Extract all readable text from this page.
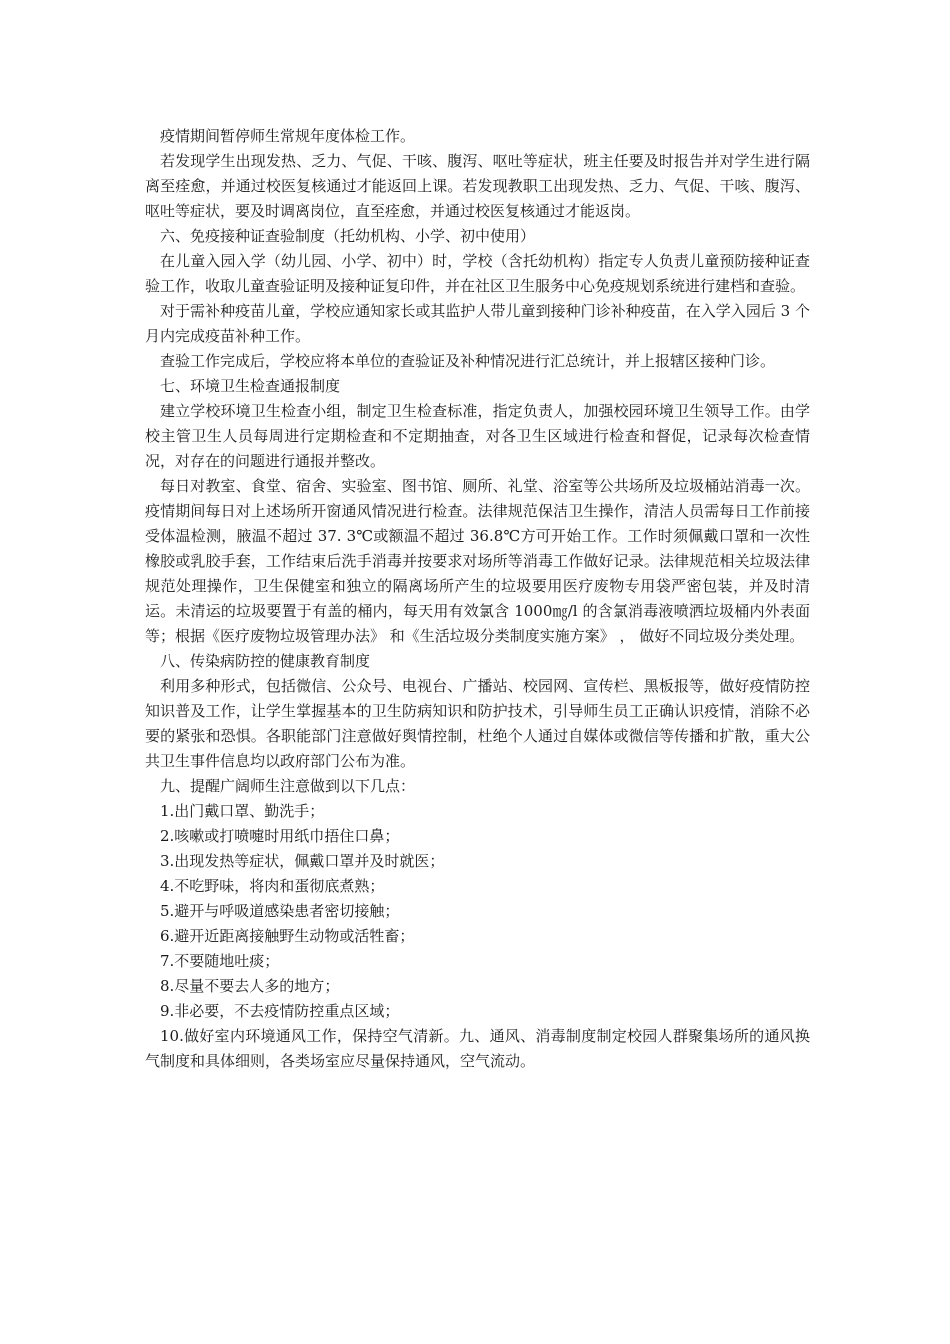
疫情期间暂停师生常规年度体检工作。

若发现学生出现发热、乏力、气促、干咳、腹泻、呕吐等症状，班主任要及时报告并对学生进行隔离至痊愈，并通过校医复核通过才能返回上课。若发现教职工出现发热、乏力、气促、干咳、腹泻、呕吐等症状，要及时调离岗位，直至痊愈，并通过校医复核通过才能返岗。

六、免疫接种证查验制度（托幼机构、小学、初中使用）

在儿童入园入学（幼儿园、小学、初中）时，学校（含托幼机构）指定专人负责儿童预防接种证查验工作，收取儿童查验证明及接种证复印件，并在社区卫生服务中心免疫规划系统进行建档和查验。

对于需补种疫苗儿童，学校应通知家长或其监护人带儿童到接种门诊补种疫苗，在入学入园后 3 个月内完成疫苗补种工作。

查验工作完成后，学校应将本单位的查验证及补种情况进行汇总统计，并上报辖区接种门诊。

七、环境卫生检查通报制度

建立学校环境卫生检查小组，制定卫生检查标准，指定负责人，加强校园环境卫生领导工作。由学校主管卫生人员每周进行定期检查和不定期抽查，对各卫生区域进行检查和督促，记录每次检查情况，对存在的问题进行通报并整改。

每日对教室、食堂、宿舍、实验室、图书馆、厕所、礼堂、浴室等公共场所及垃圾桶站消毒一次。疫情期间每日对上述场所开窗通风情况进行检查。法律规范保洁卫生操作，清洁人员需每日工作前接受体温检测，腋温不超过 37. 3℃或额温不超过 36.8℃方可开始工作。工作时须佩戴口罩和一次性橡胶或乳胶手套，工作结束后洗手消毒并按要求对场所等消毒工作做好记录。法律规范相关垃圾法律规范处理操作，卫生保健室和独立的隔离场所产生的垃圾要用医疗废物专用袋严密包装，并及时清运。未清运的垃圾要置于有盖的桶内，每天用有效氯含 1000㎎/l 的含氯消毒液喷洒垃圾桶内外表面等；根据《医疗废物垃圾管理办法》 和《生活垃圾分类制度实施方案》 ， 做好不同垃圾分类处理。

八、传染病防控的健康教育制度

利用多种形式，包括微信、公众号、电视台、广播站、校园网、宣传栏、黑板报等，做好疫情防控知识普及工作，让学生掌握基本的卫生防病知识和防护技术，引导师生员工正确认识疫情，消除不必要的紧张和恐惧。各职能部门注意做好舆情控制，杜绝个人通过自媒体或微信等传播和扩散，重大公共卫生事件信息均以政府部门公布为准。

九、提醒广阔师生注意做到以下几点：

1.出门戴口罩、勤洗手；

2.咳嗽或打喷嚏时用纸巾捂住口鼻；

3.出现发热等症状，佩戴口罩并及时就医；

4.不吃野味，将肉和蛋彻底煮熟；

5.避开与呼吸道感染患者密切接触；

6.避开近距离接触野生动物或活牲畜；

7.不要随地吐痰；

8.尽量不要去人多的地方；

9.非必要，不去疫情防控重点区域；

10.做好室内环境通风工作，保持空气清新。九、通风、消毒制度制定校园人群聚集场所的通风换气制度和具体细则，各类场室应尽量保持通风，空气流动。
